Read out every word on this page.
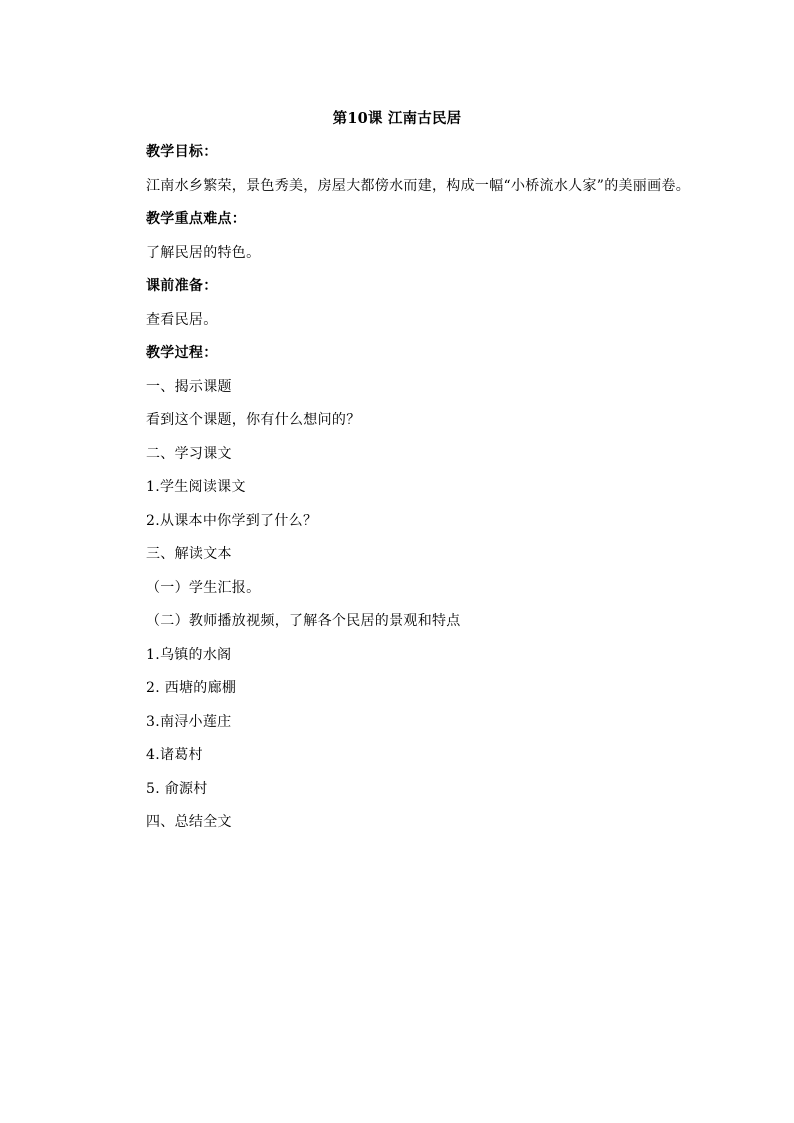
第10课 江南古民居
教学目标：
江南水乡繁荣，景色秀美，房屋大都傍水而建，构成一幅“小桥流水人家”的美丽画卷。
教学重点难点：
了解民居的特色。
课前准备：
查看民居。
教学过程：
一、揭示课题
看到这个课题，你有什么想问的？
二、学习课文
1.学生阅读课文
2.从课本中你学到了什么？
三、解读文本
（一）学生汇报。
（二）教师播放视频，了解各个民居的景观和特点
1.乌镇的水阁
2. 西塘的廊棚
3.南浔小莲庄
4.诸葛村
5. 俞源村
四、总结全文
